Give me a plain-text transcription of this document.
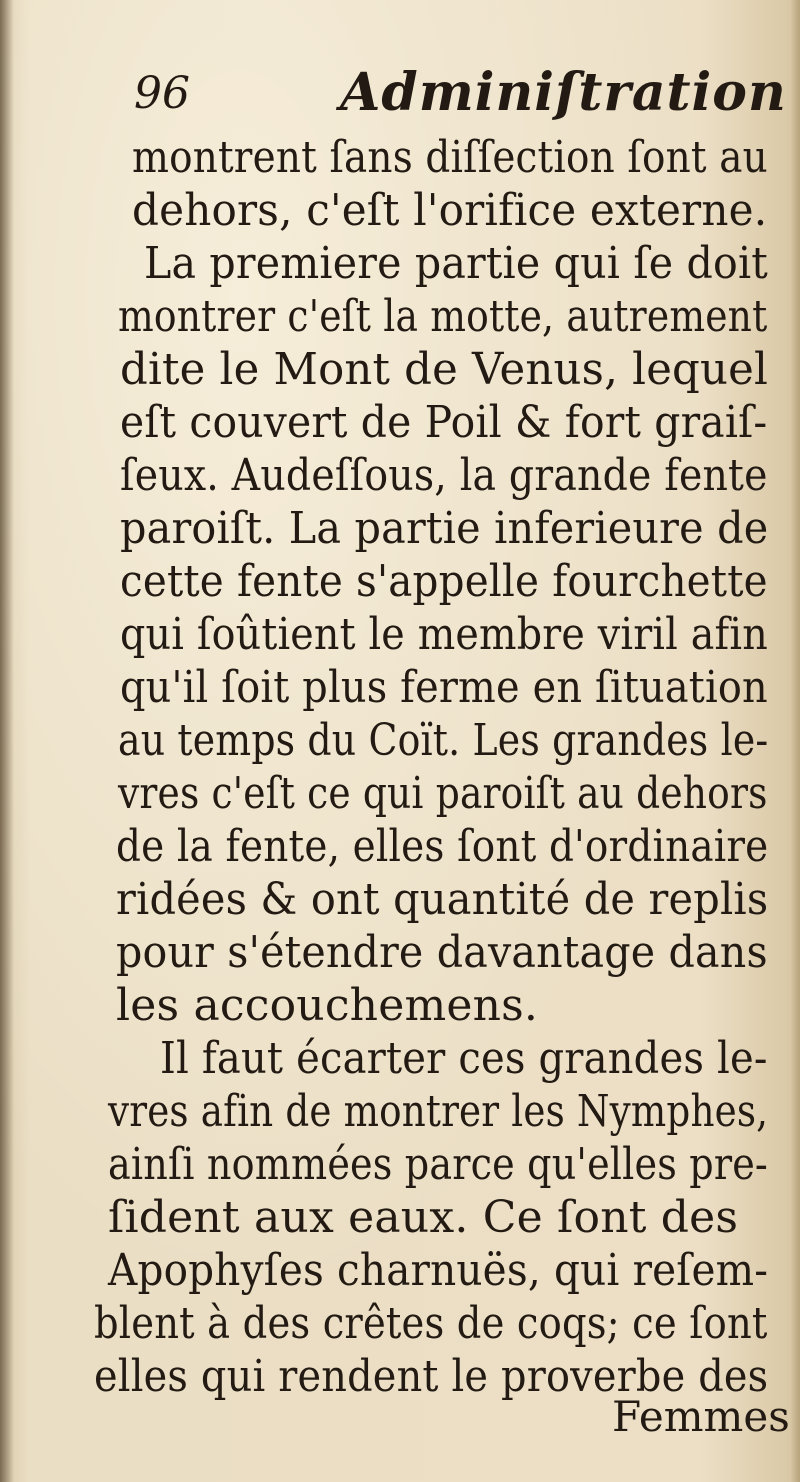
96	Adminiſtration
montrent ſans diſſection ſont au
dehors, c'eſt l'orifice externe.
La premiere partie qui ſe doit
montrer c'eſt la motte, autrement
dite le Mont de Venus, lequel
eſt couvert de Poil & fort graiſ-
ſeux. Audeſſous, la grande fente
paroiſt. La partie inferieure de
cette fente s'appelle fourchette
qui ſoûtient le membre viril afin
qu'il ſoit plus ferme en ſituation
au temps du Coït. Les grandes le-
vres c'eſt ce qui paroiſt au dehors
de la fente, elles ſont d'ordinaire
ridées & ont quantité de replis
pour s'étendre davantage dans
les accouchemens.
Il faut écarter ces grandes le-
vres afin de montrer les Nymphes,
ainſi nommées parce qu'elles pre-
ſident aux eaux. Ce ſont des
Apophyſes charnuës, qui reſem-
blent à des crêtes de coqs; ce ſont
elles qui rendent le proverbe des
Femmes
